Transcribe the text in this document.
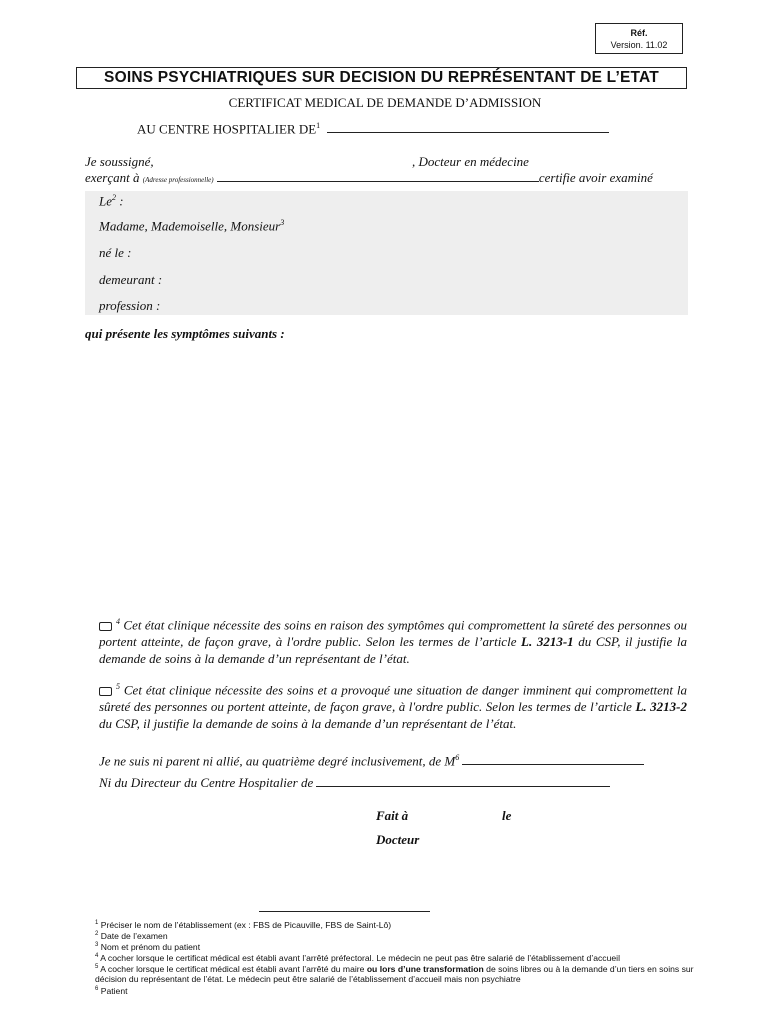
Réf.
Version. 11.02
SOINS PSYCHIATRIQUES SUR DECISION DU REPRÉSENTANT DE L’ETAT
CERTIFICAT MEDICAL DE DEMANDE D’ADMISSION
AU CENTRE HOSPITALIER $DE^1$
Je soussigné,	, Docteur en médecine
exerçant à (Adresse professionnelle)	certifie avoir examiné
Le$^2$ :
Madame, Mademoiselle, Monsieur$^3$
né le :
demeurant :
profession :
qui présente les symptômes suivants :
$^4$ Cet état clinique nécessite des soins en raison des symptômes qui compromettent la sûreté des personnes ou portent atteinte, de façon grave, à l'ordre public. Selon les termes de l’article L. 3213-1 du CSP, il justifie la demande de soins à la demande d’un représentant de l’état.
$^5$ Cet état clinique nécessite des soins et a provoqué une situation de danger imminent qui compromettent la sûreté des personnes ou portent atteinte, de façon grave, à l'ordre public. Selon les termes de l’article L. 3213-2 du CSP, il justifie la demande de soins à la demande d’un représentant de l’état.
Je ne suis ni parent ni allié, au quatrième degré inclusivement, de $M^6$
Ni du Directeur du Centre Hospitalier de
Fait à	le
Docteur
$^1$ Préciser le nom de l’établissement (ex : FBS de Picauville, FBS de Saint-Lô)
$^2$ Date de l’examen
$^3$ Nom et prénom du patient
$^4$ A cocher lorsque le certificat médical est établi avant l’arrêté préfectoral. Le médecin ne peut pas être salarié de l’établissement d’accueil
$^5$ A cocher lorsque le certificat médical est établi avant l’arrêté du maire ou lors d’une transformation de soins libres ou à la demande d’un tiers en soins sur décision du représentant de l’état. Le médecin peut être salarié de l’établissement d’accueil mais non psychiatre
$^6$ Patient
